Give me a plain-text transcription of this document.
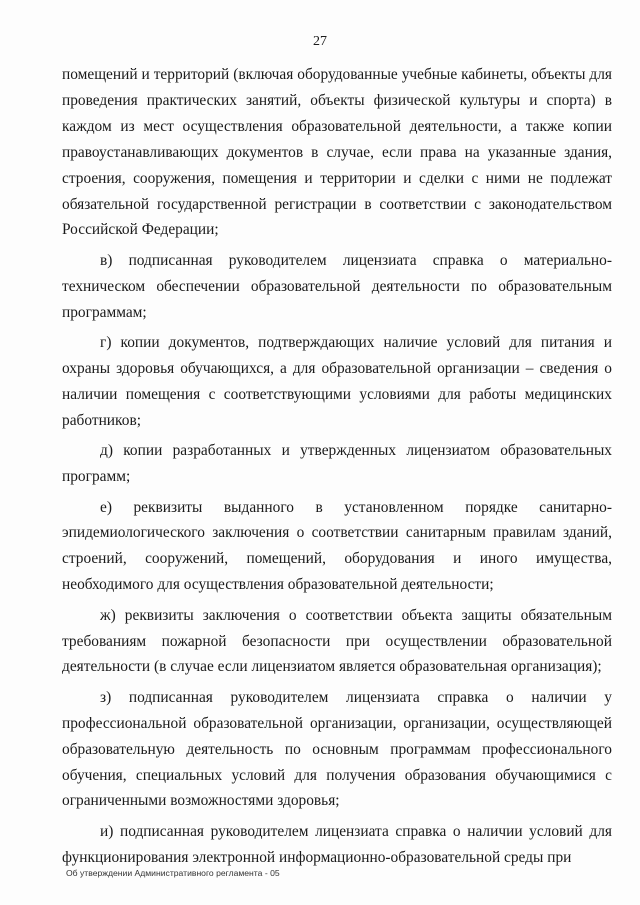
27

помещений и территорий (включая оборудованные учебные кабинеты, объекты для проведения практических занятий, объекты физической культуры и спорта) в каждом из мест осуществления образовательной деятельности, а также копии правоустанавливающих документов в случае, если права на указанные здания, строения, сооружения, помещения и территории и сделки с ними не подлежат обязательной государственной регистрации в соответствии с законодательством Российской Федерации;

в) подписанная руководителем лицензиата справка о материально-техническом обеспечении образовательной деятельности по образовательным программам;

г) копии документов, подтверждающих наличие условий для питания и охраны здоровья обучающихся, а для образовательной организации – сведения о наличии помещения с соответствующими условиями для работы медицинских работников;

д) копии разработанных и утвержденных лицензиатом образовательных программ;

е) реквизиты выданного в установленном порядке санитарно-эпидемиологического заключения о соответствии санитарным правилам зданий, строений, сооружений, помещений, оборудования и иного имущества, необходимого для осуществления образовательной деятельности;

ж) реквизиты заключения о соответствии объекта защиты обязательным требованиям пожарной безопасности при осуществлении образовательной деятельности (в случае если лицензиатом является образовательная организация);

з) подписанная руководителем лицензиата справка о наличии у профессиональной образовательной организации, организации, осуществляющей образовательную деятельность по основным программам профессионального обучения, специальных условий для получения образования обучающимися с ограниченными возможностями здоровья;

и) подписанная руководителем лицензиата справка о наличии условий для функционирования электронной информационно-образовательной среды при

Об утверждении Административного регламента - 05
